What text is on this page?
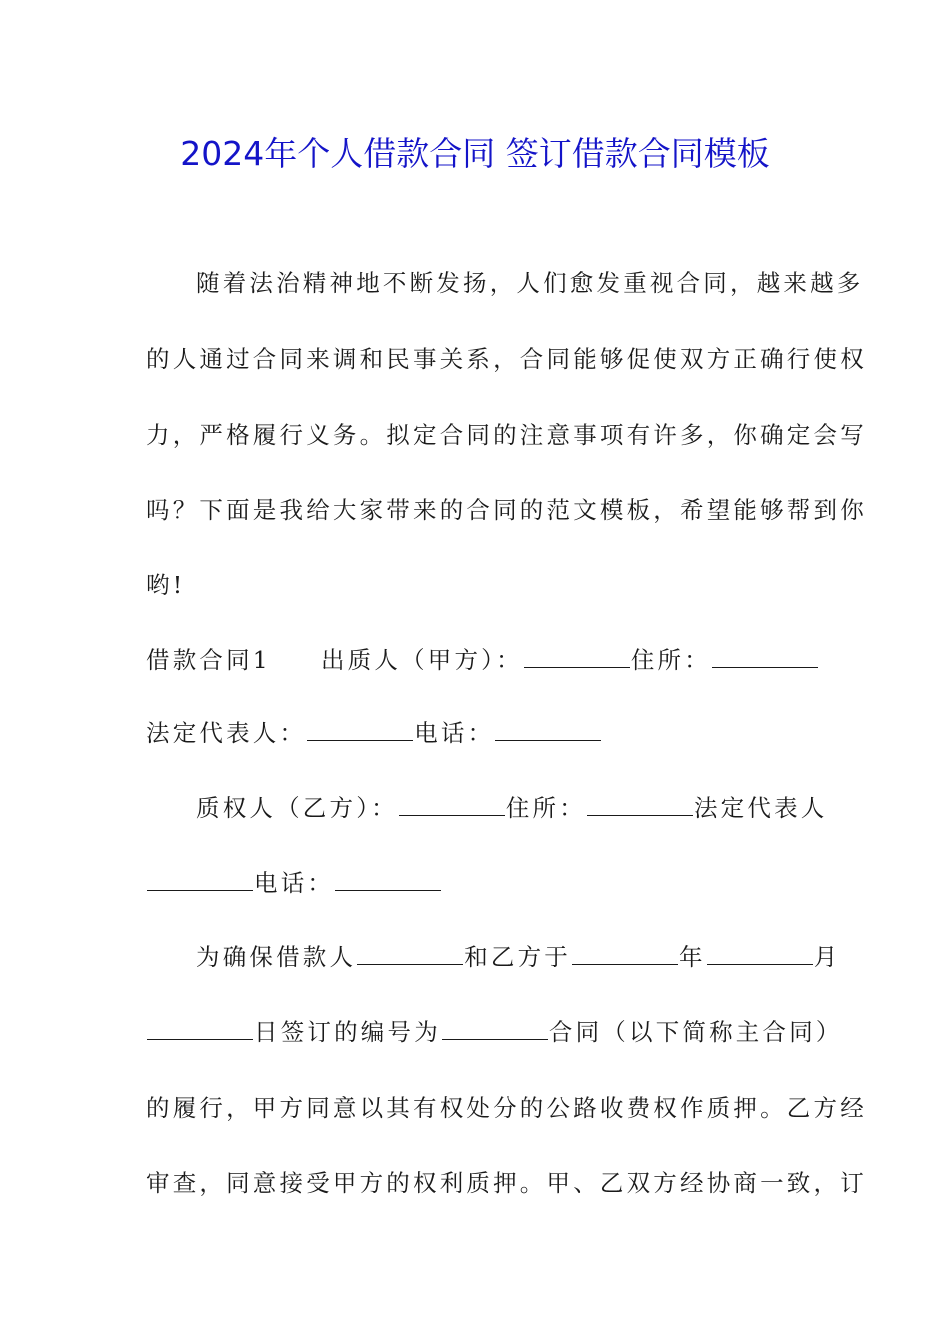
2024年个人借款合同 签订借款合同模板
随着法治精神地不断发扬，人们愈发重视合同，越来越多
的人通过合同来调和民事关系，合同能够促使双方正确行使权
力，严格履行义务。拟定合同的注意事项有许多，你确定会写
吗？下面是我给大家带来的合同的范文模板，希望能够帮到你
哟!
借款合同1 出质人（甲方）：	住所：
法定代表人：	电话：
质权人（乙方）：	住所：	法定代表人
电话：
为确保借款人	和乙方于	年	月
日签订的编号为	合同（以下简称主合同）
的履行，甲方同意以其有权处分的公路收费权作质押。乙方经
审查，同意接受甲方的权利质押。甲、乙双方经协商一致，订
